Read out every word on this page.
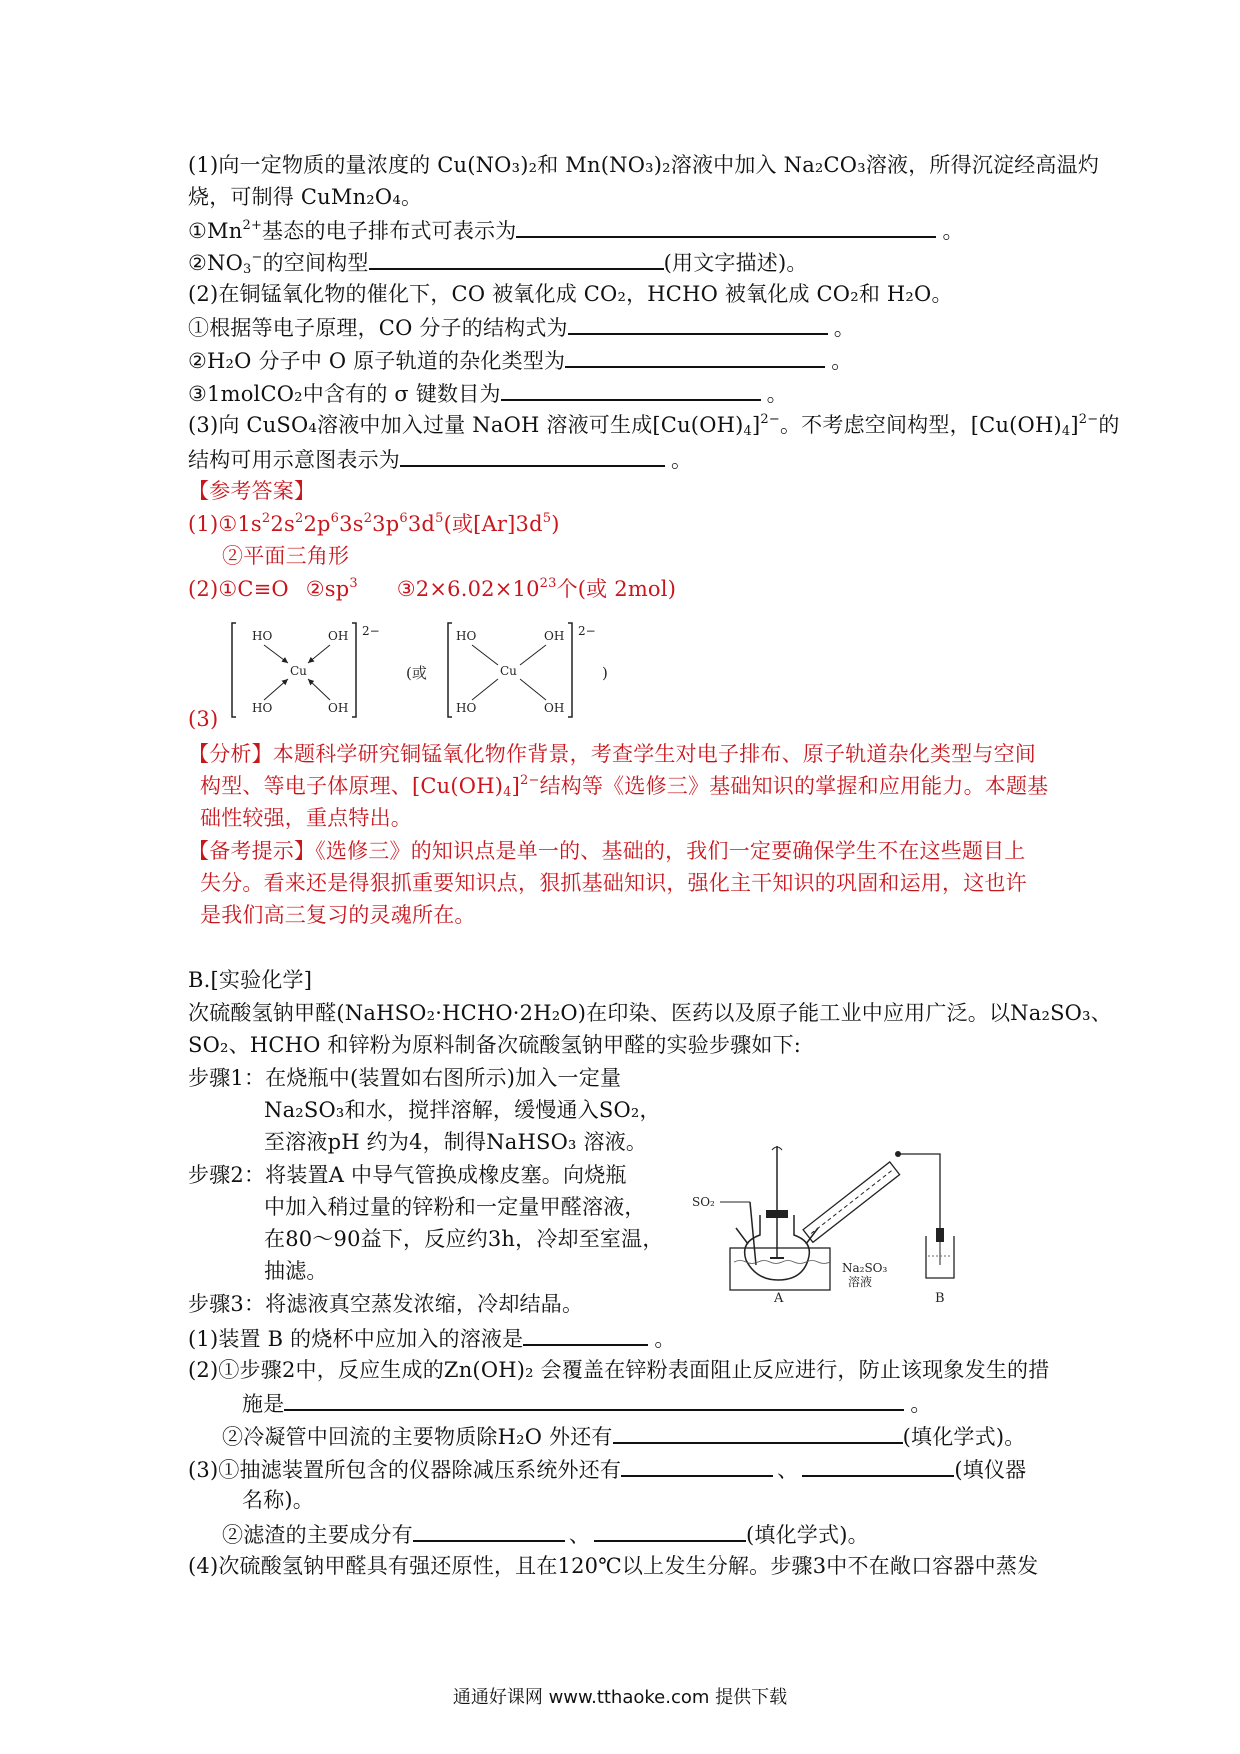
(1)向一定物质的量浓度的 Cu(NO₃)₂和 Mn(NO₃)₂溶液中加入 Na₂CO₃溶液，所得沉淀经高温灼
烧，可制得 CuMn₂O₄。
$①Mn^{2+}$基态的电子排布式可表示为	。
$②NO_3^-$的空间构型	(用文字描述)。
(2)在铜锰氧化物的催化下，CO 被氧化成 CO₂，HCHO 被氧化成 CO₂和 H₂O。
①根据等电子原理，CO 分子的结构式为	。
②H₂O 分子中 O 原子轨道的杂化类型为	。
③1molCO₂中含有的 σ 键数目为	。
(3)向 CuSO₄溶液中加入过量 NaOH 溶液可生成$[Cu(OH)_4]^{2-}$。不考虑空间构型，$[Cu(OH)_4]^{2-}$的
结构可用示意图表示为	。
【参考答案】
$(1)①1s^22s^22p^63s^23p^63d^5$(或$[Ar]3d^5$)
②平面三角形
(2)①C≡O $②sp^3$ $③2\times 6.02\times 10^{23}$个(或 2mol)
HO	OH
Cu
HO	OH
2−
(或
HO	OH
Cu
HO	OH
2−
)
(3)
【分析】本题科学研究铜锰氧化物作背景，考查学生对电子排布、原子轨道杂化类型与空间
构型、等电子体原理、$[Cu(OH)_4]^{2-}$结构等《选修三》基础知识的掌握和应用能力。本题基
础性较强，重点特出。
【备考提示】《选修三》的知识点是单一的、基础的，我们一定要确保学生不在这些题目上
失分。看来还是得狠抓重要知识点，狠抓基础知识，强化主干知识的巩固和运用，这也许
是我们高三复习的灵魂所在。
B.[实验化学]
次硫酸氢钠甲醛(NaHSO₂·HCHO·2H₂O)在印染、医药以及原子能工业中应用广泛。以Na₂SO₃、
SO₂、HCHO 和锌粉为原料制备次硫酸氢钠甲醛的实验步骤如下:
步骤1：在烧瓶中(装置如右图所示)加入一定量
Na₂SO₃和水，搅拌溶解，缓慢通入SO₂，
至溶液pH 约为4，制得NaHSO₃ 溶液。
步骤2：将装置A 中导气管换成橡皮塞。向烧瓶
中加入稍过量的锌粉和一定量甲醛溶液，
在80～90益下，反应约3h，冷却至室温，
抽滤。
步骤3：将滤液真空蒸发浓缩，冷却结晶。
SO₂
Na₂SO₃
溶液
A	B
(1)装置 B 的烧杯中应加入的溶液是	。
(2)①步骤2中，反应生成的Zn(OH)₂ 会覆盖在锌粉表面阻止反应进行，防止该现象发生的措
施是	。
②冷凝管中回流的主要物质除H₂O 外还有	(填化学式)。
(3)①抽滤装置所包含的仪器除减压系统外还有	、	(填仪器
名称)。
②滤渣的主要成分有	、	(填化学式)。
(4)次硫酸氢钠甲醛具有强还原性，且在120℃以上发生分解。步骤3中不在敞口容器中蒸发
通通好课网 www.tthaoke.com 提供下载
